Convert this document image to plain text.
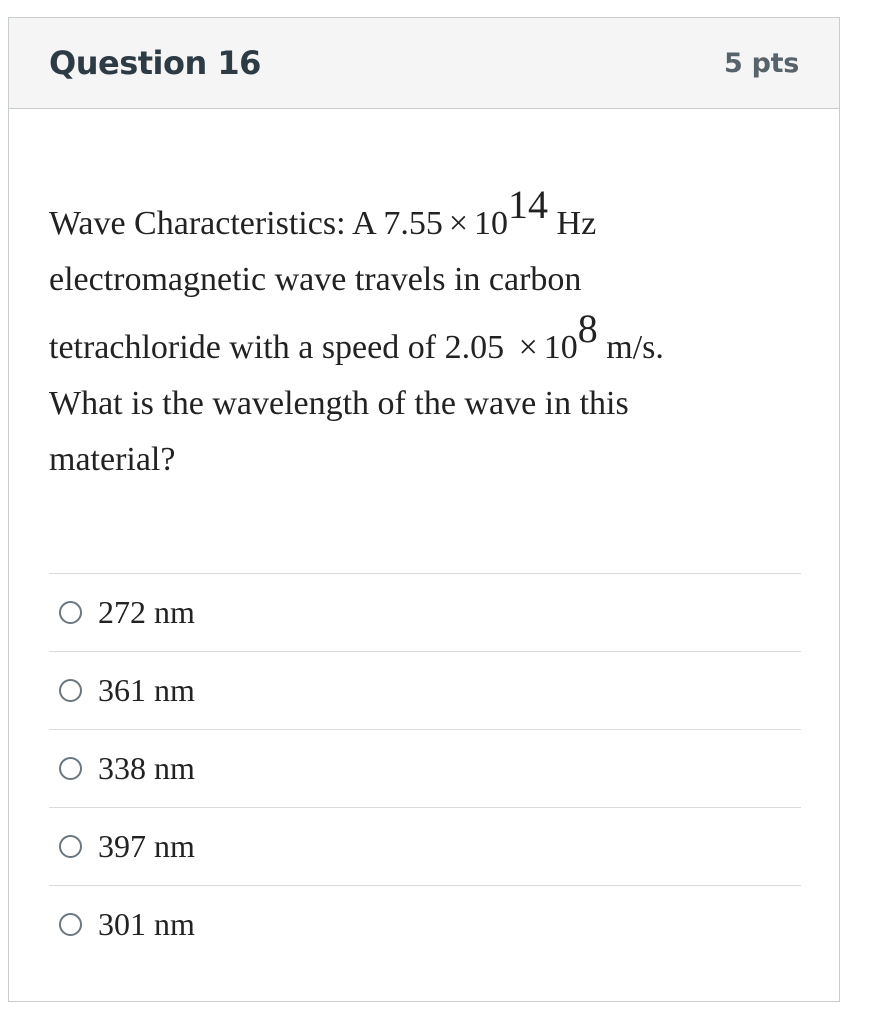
Question 16	5 pts
Wave Characteristics: A $7.55 \times 10^{14}$ Hz
electromagnetic wave travels in carbon
tetrachloride with a speed of $2.05 \times 10^8$ m/s.
What is the wavelength of the wave in this
material?
272 nm
361 nm
338 nm
397 nm
301 nm
